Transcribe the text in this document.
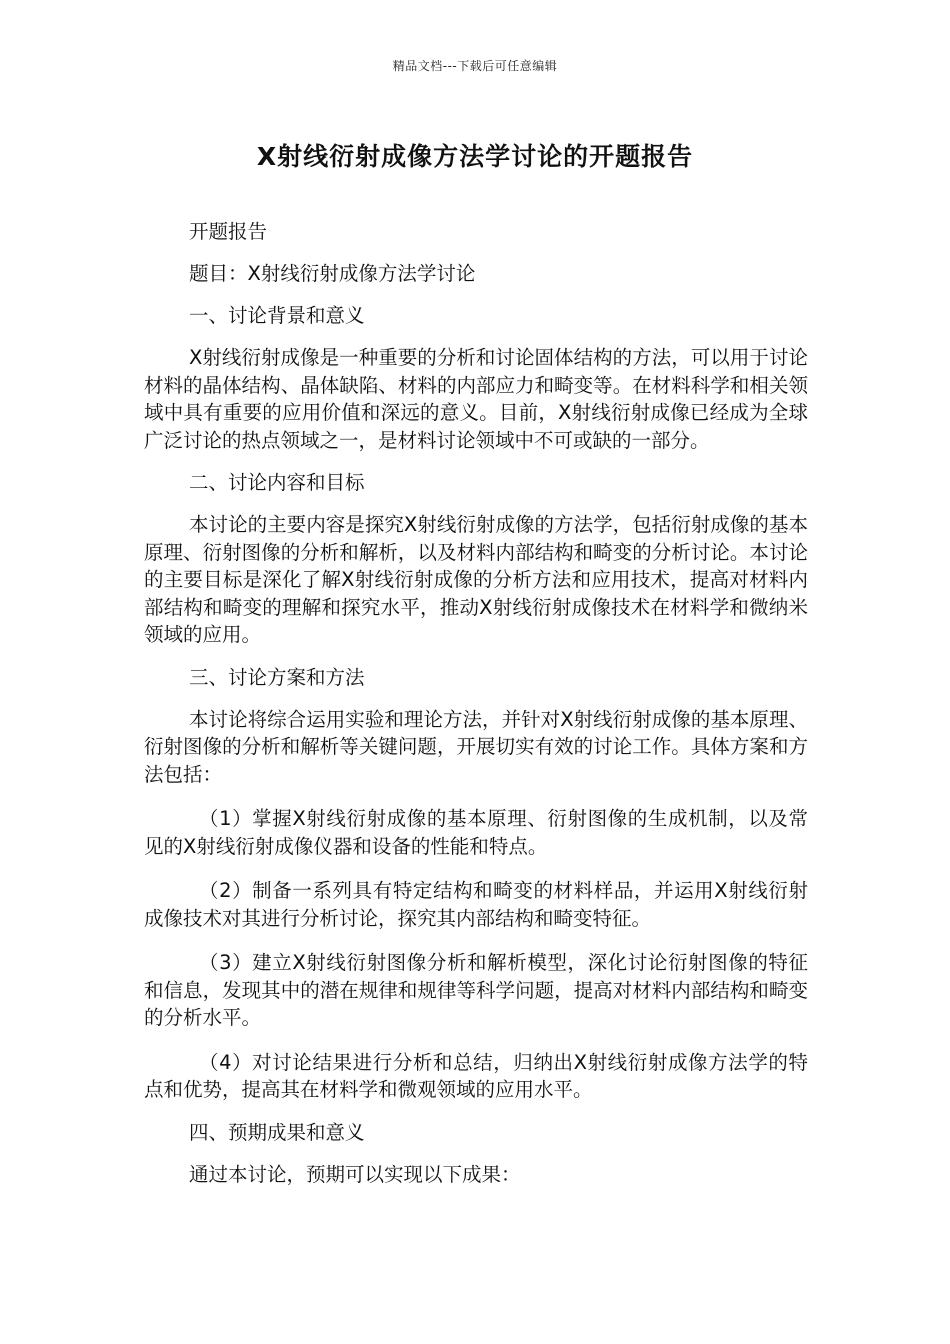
精品文档---下载后可任意编辑
X射线衍射成像方法学讨论的开题报告

开题报告

题目：X射线衍射成像方法学讨论

一、讨论背景和意义

X射线衍射成像是一种重要的分析和讨论固体结构的方法，可以用于讨论材料的晶体结构、晶体缺陷、材料的内部应力和畸变等。在材料科学和相关领域中具有重要的应用价值和深远的意义。目前，X射线衍射成像已经成为全球广泛讨论的热点领域之一，是材料讨论领域中不可或缺的一部分。

二、讨论内容和目标

本讨论的主要内容是探究X射线衍射成像的方法学，包括衍射成像的基本原理、衍射图像的分析和解析，以及材料内部结构和畸变的分析讨论。本讨论的主要目标是深化了解X射线衍射成像的分析方法和应用技术，提高对材料内部结构和畸变的理解和探究水平，推动X射线衍射成像技术在材料学和微纳米领域的应用。

三、讨论方案和方法

本讨论将综合运用实验和理论方法，并针对X射线衍射成像的基本原理、衍射图像的分析和解析等关键问题，开展切实有效的讨论工作。具体方案和方法包括：

（1）掌握X射线衍射成像的基本原理、衍射图像的生成机制，以及常见的X射线衍射成像仪器和设备的性能和特点。

（2）制备一系列具有特定结构和畸变的材料样品，并运用X射线衍射成像技术对其进行分析讨论，探究其内部结构和畸变特征。

（3）建立X射线衍射图像分析和解析模型，深化讨论衍射图像的特征和信息，发现其中的潜在规律和规律等科学问题，提高对材料内部结构和畸变的分析水平。

（4）对讨论结果进行分析和总结，归纳出X射线衍射成像方法学的特点和优势，提高其在材料学和微观领域的应用水平。

四、预期成果和意义

通过本讨论，预期可以实现以下成果：
